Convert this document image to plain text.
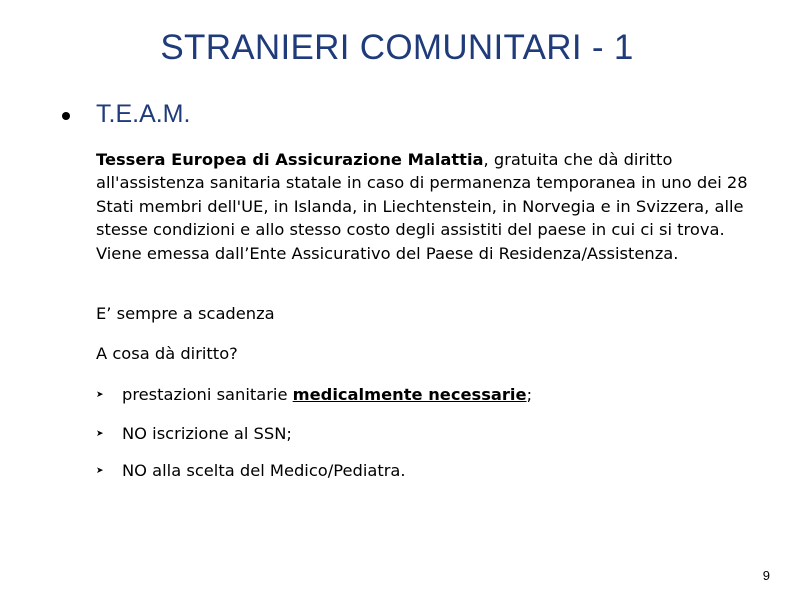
STRANIERI COMUNITARI - 1
T.E.A.M.
Tessera Europea di Assicurazione Malattia, gratuita che dà diritto all'assistenza sanitaria statale in caso di permanenza temporanea in uno dei 28 Stati membri dell'UE, in Islanda, in Liechtenstein, in Norvegia e in Svizzera, alle stesse condizioni e allo stesso costo degli assistiti del paese in cui ci si trova. Viene emessa dall’Ente Assicurativo del Paese di Residenza/Assistenza.
E’ sempre a scadenza
A cosa dà diritto?
➤	prestazioni sanitarie medicalmente necessarie;
➤	NO iscrizione al SSN;
➤	NO alla scelta del Medico/Pediatra.
9
